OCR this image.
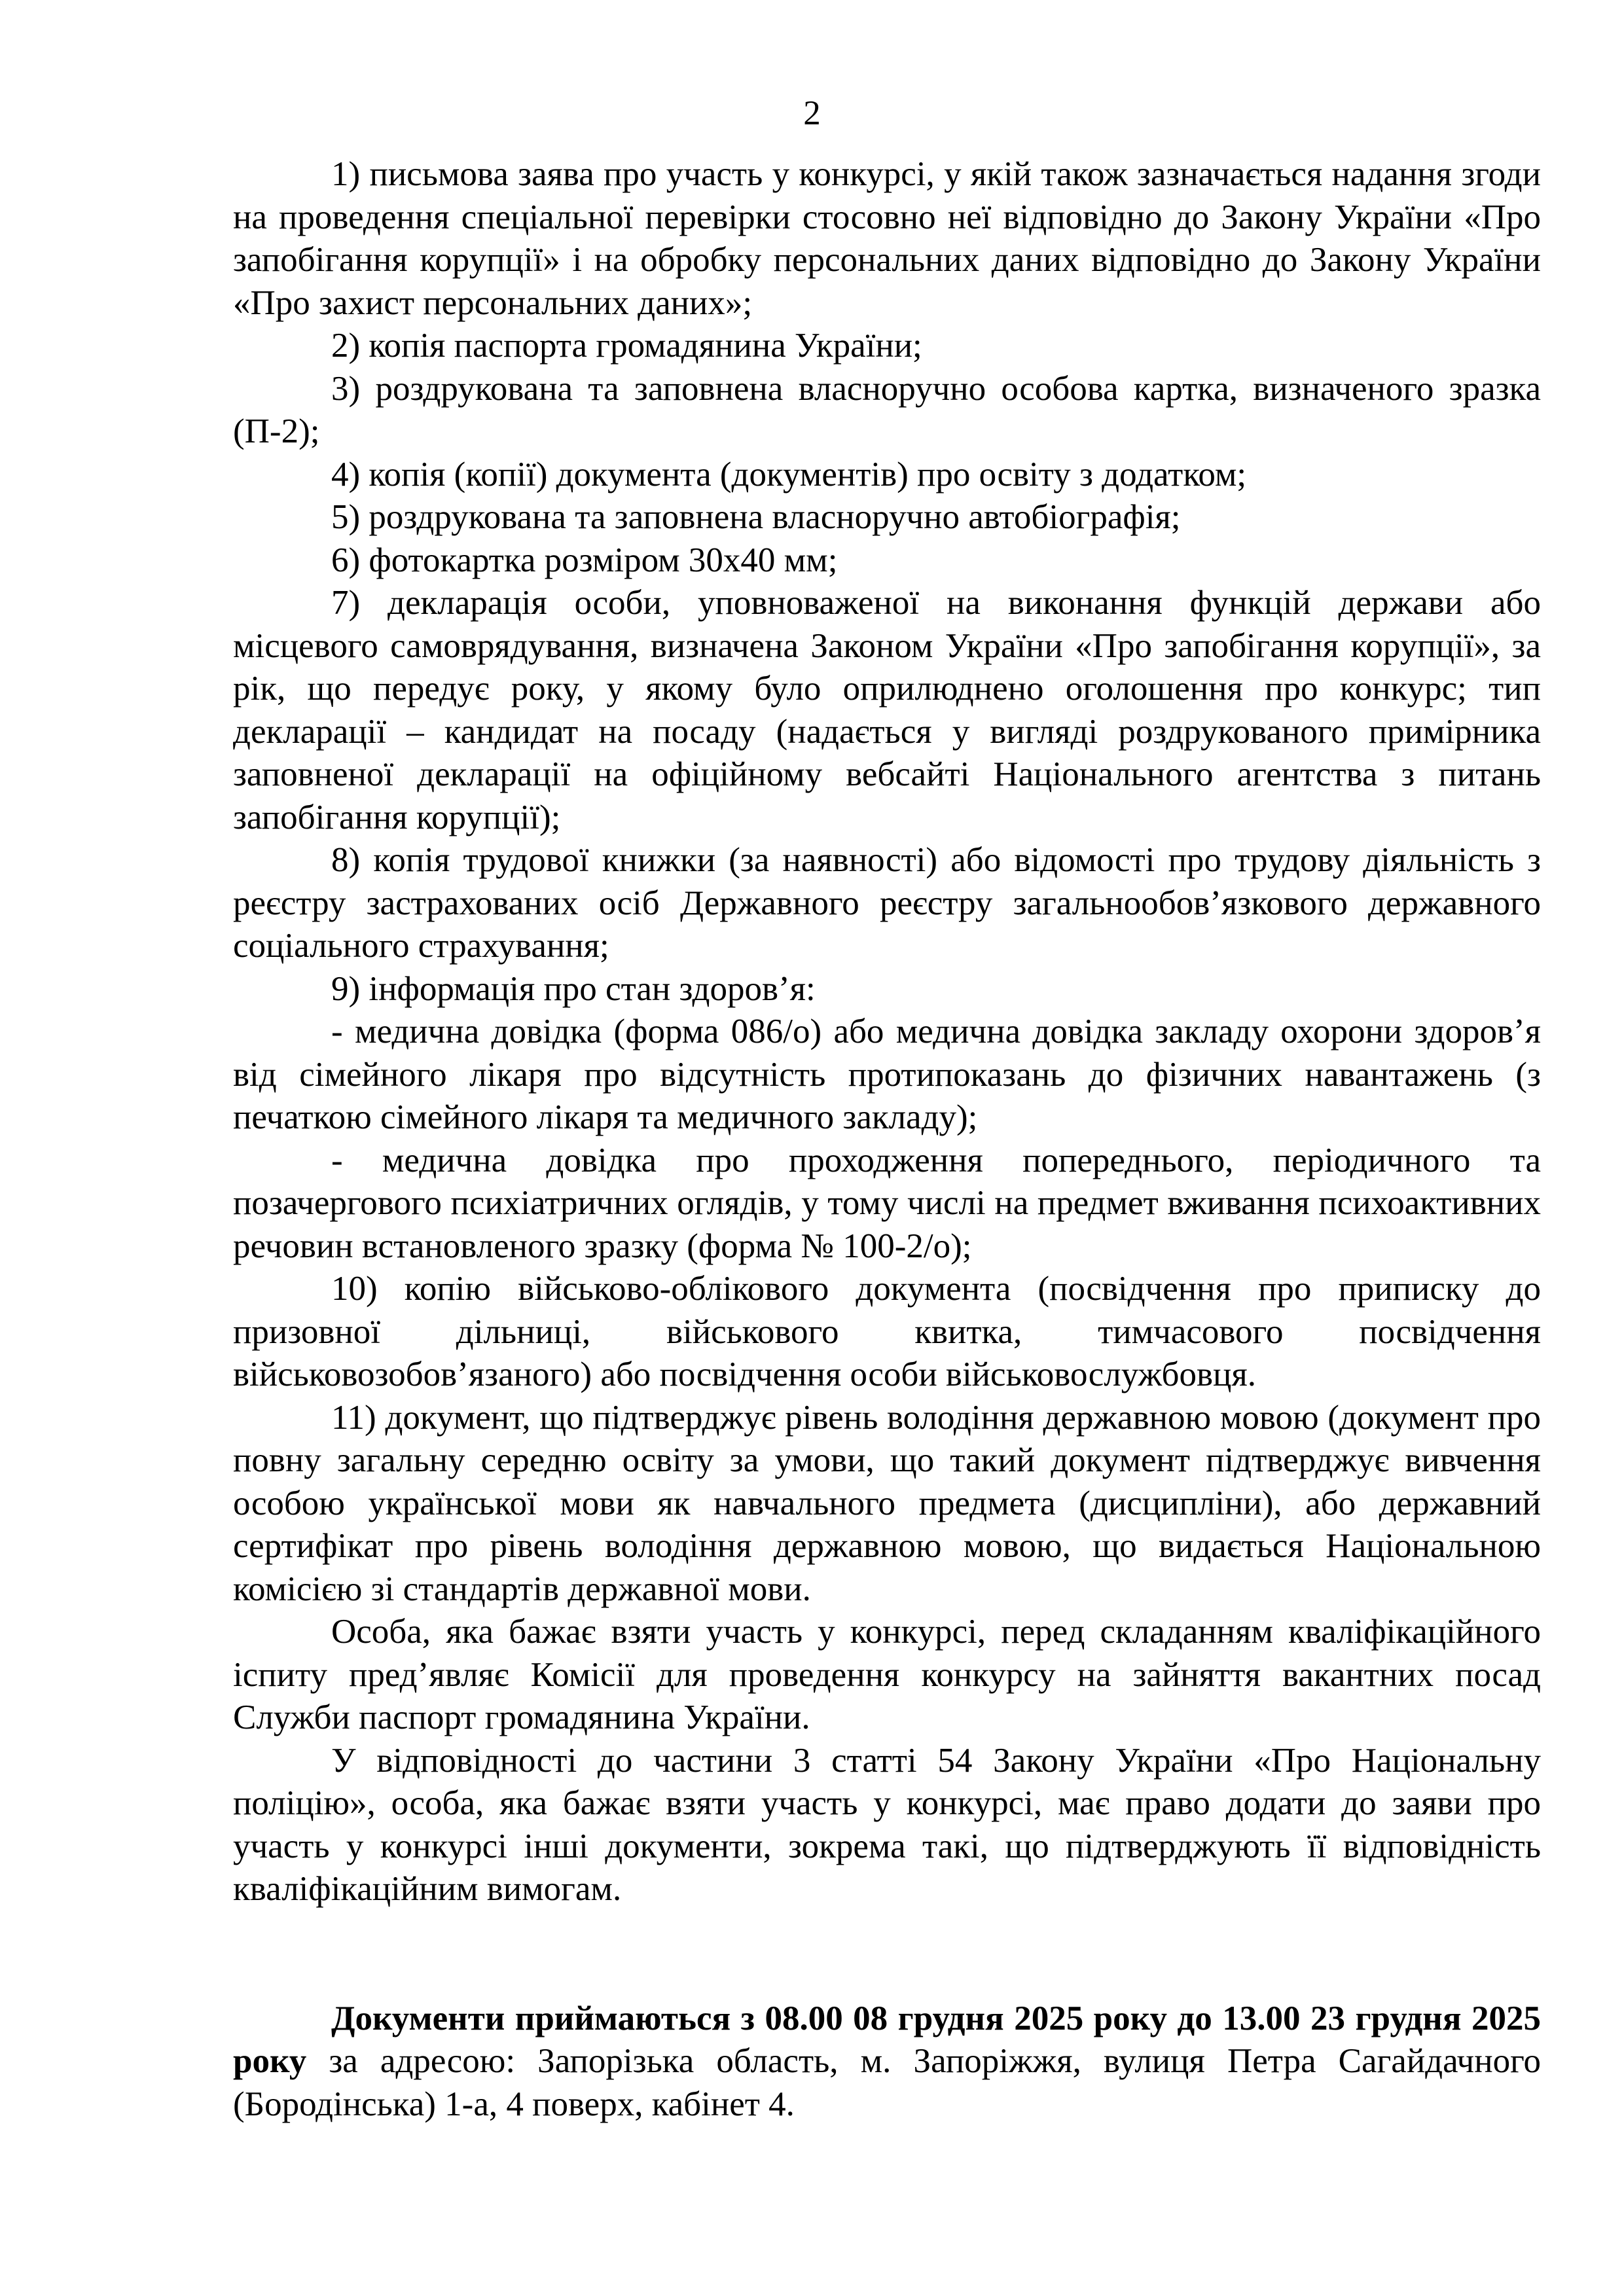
2

1) письмова заява про участь у конкурсі, у якій також зазначається надання згоди на проведення спеціальної перевірки стосовно неї відповідно до Закону України «Про запобігання корупції» і на обробку персональних даних відповідно до Закону України «Про захист персональних даних»;

2) копія паспорта громадянина України;

3) роздрукована та заповнена власноручно особова картка, визначеного зразка (П-2);

4) копія (копії) документа (документів) про освіту з додатком;

5) роздрукована та заповнена власноручно автобіографія;

6) фотокартка розміром 30х40 мм;

7) декларація особи, уповноваженої на виконання функцій держави або місцевого самоврядування, визначена Законом України «Про запобігання корупції», за рік, що передує року, у якому було оприлюднено оголошення про конкурс; тип декларації – кандидат на посаду (надається у вигляді роздрукованого примірника заповненої декларації на офіційному вебсайті Національного агентства з питань запобігання корупції);

8) копія трудової книжки (за наявності) або відомості про трудову діяльність з реєстру застрахованих осіб Державного реєстру загальнообов’язкового державного соціального страхування;

9) інформація про стан здоров’я:

- медична довідка (форма 086/о) або медична довідка закладу охорони здоров’я від сімейного лікаря про відсутність протипоказань до фізичних навантажень (з печаткою сімейного лікаря та медичного закладу);

- медична довідка про проходження попереднього, періодичного та позачергового психіатричних оглядів, у тому числі на предмет вживання психоактивних речовин встановленого зразку (форма № 100-2/о);

10) копію військово-облікового документа (посвідчення про приписку до призовної дільниці, військового квитка, тимчасового посвідчення військовозобов’язаного) або посвідчення особи військовослужбовця.

11) документ, що підтверджує рівень володіння державною мовою (документ про повну загальну середню освіту за умови, що такий документ підтверджує вивчення особою української мови як навчального предмета (дисципліни), або державний сертифікат про рівень володіння державною мовою, що видається Національною комісією зі стандартів державної мови.

Особа, яка бажає взяти участь у конкурсі, перед складанням кваліфікаційного іспиту пред’являє Комісії для проведення конкурсу на зайняття вакантних посад Служби паспорт громадянина України.

У відповідності до частини 3 статті 54 Закону України «Про Національну поліцію», особа, яка бажає взяти участь у конкурсі, має право додати до заяви про участь у конкурсі інші документи, зокрема такі, що підтверджують її відповідність кваліфікаційним вимогам.

Документи приймаються з 08.00 08 грудня 2025 року до 13.00 23 грудня 2025 року за адресою: Запорізька область, м. Запоріжжя, вулиця Петра Сагайдачного (Бородінська) 1-а, 4 поверх, кабінет 4.
